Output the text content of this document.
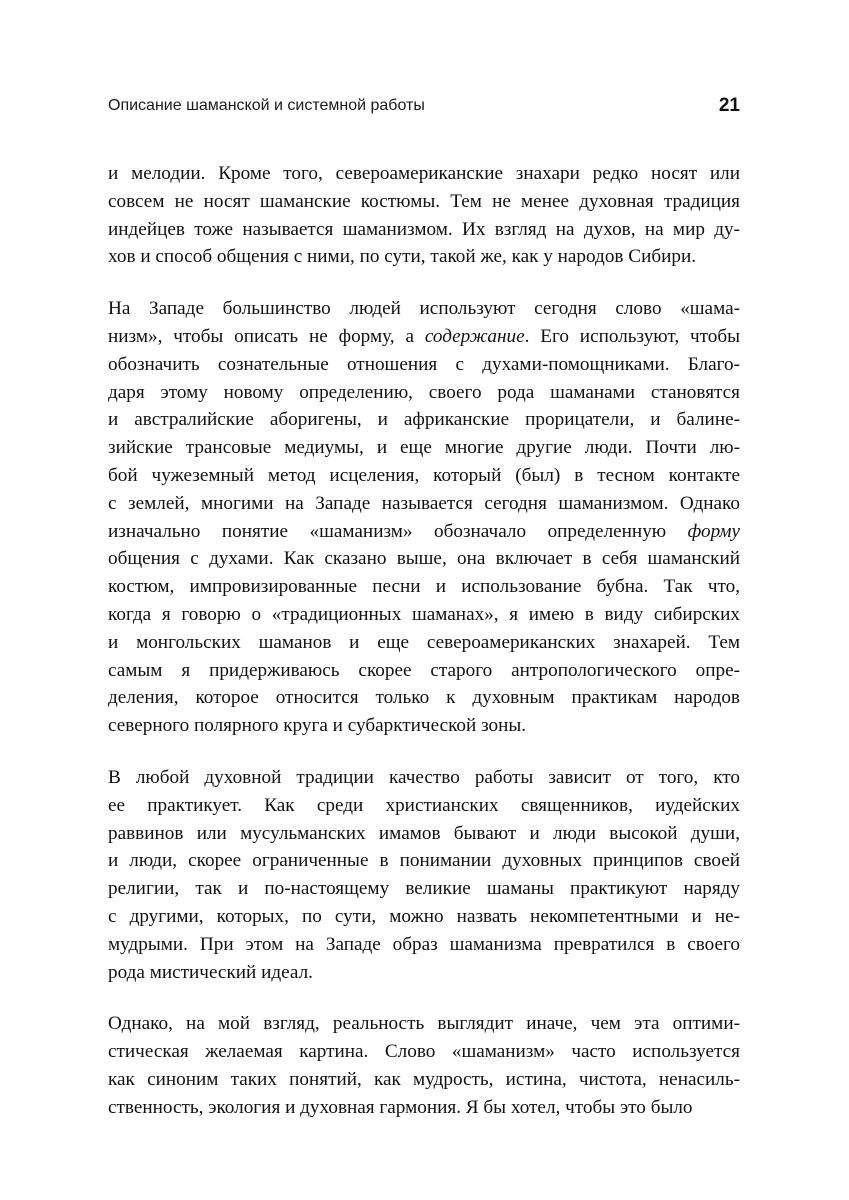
Описание шаманской и системной работы	21
и мелодии. Кроме того, североамериканские знахари редко носят или
совсем не носят шаманские костюмы. Тем не менее духовная традиция
индейцев тоже называется шаманизмом. Их взгляд на духов, на мир ду-
хов и способ общения с ними, по сути, такой же, как у народов Сибири.
На Западе большинство людей используют сегодня слово «шама-
низм», чтобы описать не форму, а содержание. Его используют, чтобы
обозначить сознательные отношения с духами-помощниками. Благо-
даря этому новому определению, своего рода шаманами становятся
и австралийские аборигены, и африканские прорицатели, и балине-
зийские трансовые медиумы, и еще многие другие люди. Почти лю-
бой чужеземный метод исцеления, который (был) в тесном контакте
с землей, многими на Западе называется сегодня шаманизмом. Однако
изначально понятие «шаманизм» обозначало определенную форму
общения с духами. Как сказано выше, она включает в себя шаманский
костюм, импровизированные песни и использование бубна. Так что,
когда я говорю о «традиционных шаманах», я имею в виду сибирских
и монгольских шаманов и еще североамериканских знахарей. Тем
самым я придерживаюсь скорее старого антропологического опре-
деления, которое относится только к духовным практикам народов
северного полярного круга и субарктической зоны.
В любой духовной традиции качество работы зависит от того, кто
ее практикует. Как среди христианских священников, иудейских
раввинов или мусульманских имамов бывают и люди высокой души,
и люди, скорее ограниченные в понимании духовных принципов своей
религии, так и по-настоящему великие шаманы практикуют наряду
с другими, которых, по сути, можно назвать некомпетентными и не-
мудрыми. При этом на Западе образ шаманизма превратился в своего
рода мистический идеал.
Однако, на мой взгляд, реальность выглядит иначе, чем эта оптими-
стическая желаемая картина. Слово «шаманизм» часто используется
как синоним таких понятий, как мудрость, истина, чистота, ненасиль-
ственность, экология и духовная гармония. Я бы хотел, чтобы это было
